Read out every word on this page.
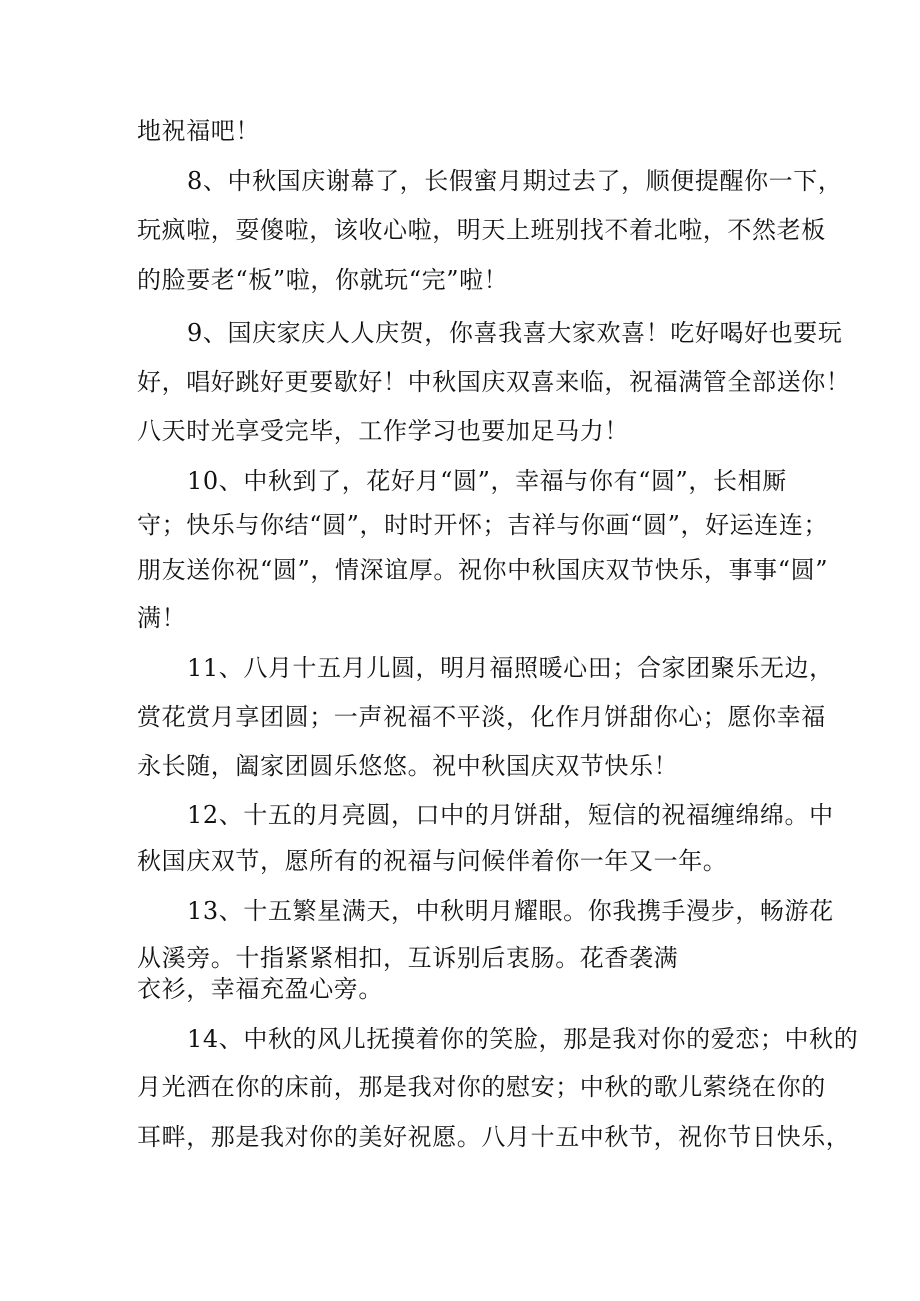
地祝福吧！
8、中秋国庆谢幕了，长假蜜月期过去了，顺便提醒你一下，
玩疯啦，耍傻啦，该收心啦，明天上班别找不着北啦，不然老板
的脸要老“板”啦，你就玩“完”啦！
9、国庆家庆人人庆贺，你喜我喜大家欢喜！吃好喝好也要玩
好，唱好跳好更要歇好！中秋国庆双喜来临，祝福满管全部送你！
八天时光享受完毕，工作学习也要加足马力！
10、中秋到了，花好月“圆”，幸福与你有“圆”，长相厮
守；快乐与你结“圆”，时时开怀；吉祥与你画“圆”，好运连连；
朋友送你祝“圆”，情深谊厚。祝你中秋国庆双节快乐，事事“圆”
满！
11、八月十五月儿圆，明月福照暖心田；合家团聚乐无边，
赏花赏月享团圆；一声祝福不平淡，化作月饼甜你心；愿你幸福
永长随，阖家团圆乐悠悠。祝中秋国庆双节快乐！
12、十五的月亮圆，口中的月饼甜，短信的祝福缠绵绵。中
秋国庆双节，愿所有的祝福与问候伴着你一年又一年。
13、十五繁星满天，中秋明月耀眼。你我携手漫步，畅游花
从溪旁。十指紧紧相扣，互诉别后衷肠。花香袭满
衣衫，幸福充盈心旁。
14、中秋的风儿抚摸着你的笑脸，那是我对你的爱恋；中秋的
月光洒在你的床前，那是我对你的慰安；中秋的歌儿萦绕在你的
耳畔，那是我对你的美好祝愿。八月十五中秋节，祝你节日快乐，
